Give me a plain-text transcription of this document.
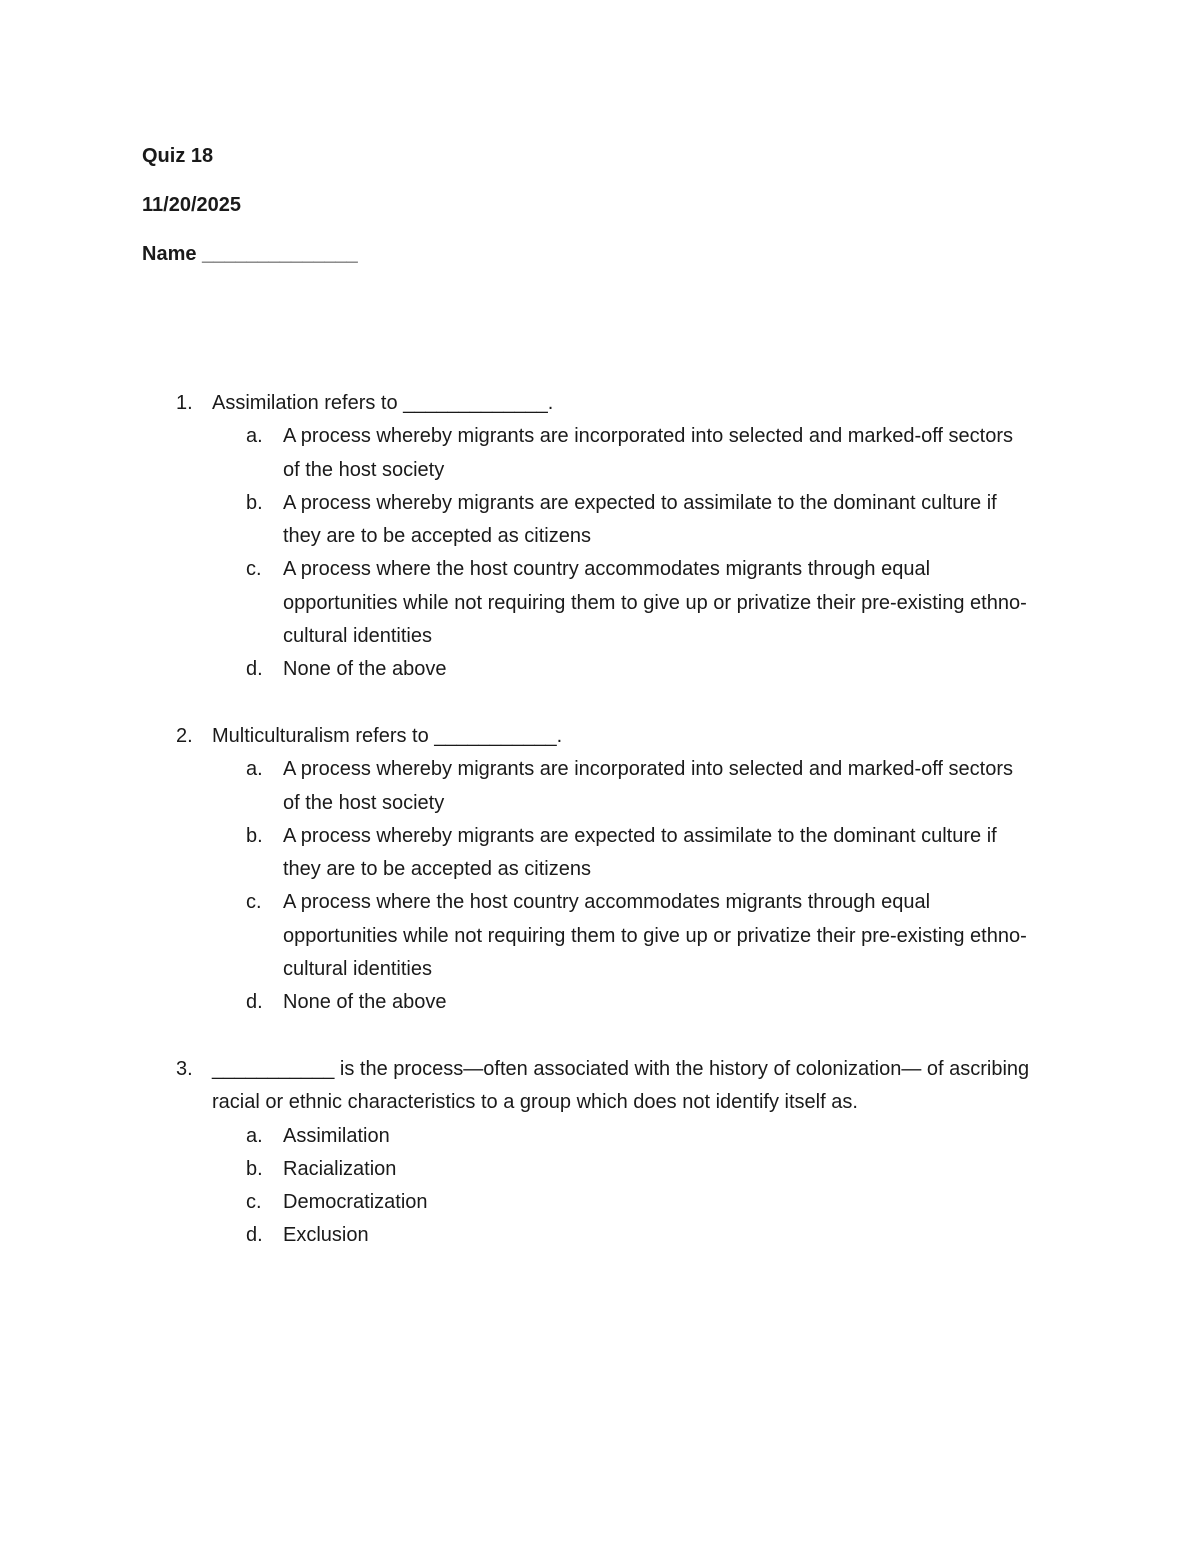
Quiz 18
11/20/2025
Name ______________
1. Assimilation refers to _____________.
a. A process whereby migrants are incorporated into selected and marked-off sectors of the host society
b. A process whereby migrants are expected to assimilate to the dominant culture if they are to be accepted as citizens
c. A process where the host country accommodates migrants through equal opportunities while not requiring them to give up or privatize their pre-existing ethno-cultural identities
d. None of the above
2. Multiculturalism refers to ___________.
a. A process whereby migrants are incorporated into selected and marked-off sectors of the host society
b. A process whereby migrants are expected to assimilate to the dominant culture if they are to be accepted as citizens
c. A process where the host country accommodates migrants through equal opportunities while not requiring them to give up or privatize their pre-existing ethno-cultural identities
d. None of the above
3. ___________ is the process—often associated with the history of colonization— of ascribing racial or ethnic characteristics to a group which does not identify itself as.
a. Assimilation
b. Racialization
c. Democratization
d. Exclusion
